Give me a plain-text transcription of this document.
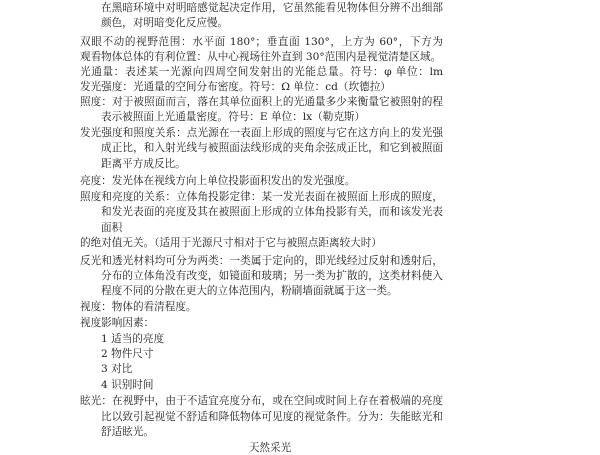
在黑暗环境中对明暗感觉起决定作用，它虽然能看见物体但分辨不出细部
颜色，对明暗变化反应慢。
双眼不动的视野范围：水平面 180°；垂直面 130°，上方为 60°，下方为
观看物体总体的有利位置：从中心视场往外直到 30°范围内是视觉清楚区域。
光通量：表述某一光源向四周空间发射出的光能总量。符号：φ 单位：lm
发光强度：光通量的空间分布密度。符号：Ω 单位：cd（坎德拉）
照度：对于被照面而言，落在其单位面积上的光通量多少来衡量它被照射的程
表示被照面上光通量密度。符号：E 单位：lx（勒克斯）
发光强度和照度关系：点光源在一表面上形成的照度与它在这方向上的发光强
成正比，和入射光线与被照面法线形成的夹角余弦成正比，和它到被照面
距离平方成反比。
亮度：发光体在视线方向上单位投影面积发出的发光强度。
照度和亮度的关系：立体角投影定律：某一发光表面在被照面上形成的照度，
和发光表面的亮度及其在被照面上形成的立体角投影有关，而和该发光表
面积
的绝对值无关。（适用于光源尺寸相对于它与被照点距离较大时）
反光和透光材料均可分为两类：一类属于定向的，即光线经过反射和透射后，
分布的立体角没有改变，如镜面和玻璃；另一类为扩散的，这类材料使入
程度不同的分散在更大的立体范围内，粉刷墙面就属于这一类。
视度：物体的看清程度。
视度影响因素：
1 适当的亮度
2 物件尺寸
3 对比
4 识别时间
眩光：在视野中，由于不适宜亮度分布，或在空间或时间上存在着极端的亮度
比以致引起视觉不舒适和降低物体可见度的视觉条件。分为：失能眩光和
舒适眩光。
天然采光
